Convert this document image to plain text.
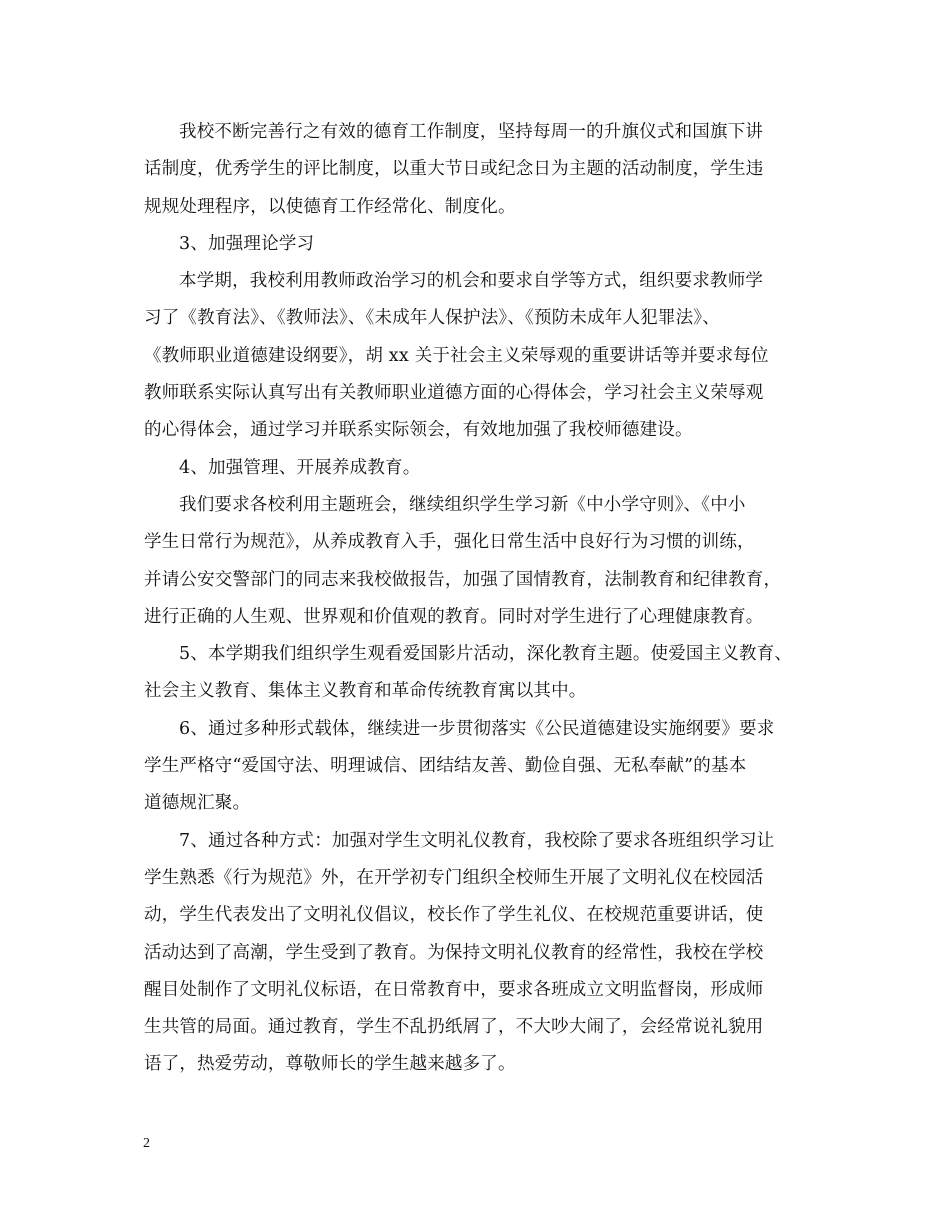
我校不断完善行之有效的德育工作制度，坚持每周一的升旗仪式和国旗下讲
话制度，优秀学生的评比制度，以重大节日或纪念日为主题的活动制度，学生违
规规处理程序，以使德育工作经常化、制度化。
3、加强理论学习
本学期，我校利用教师政治学习的机会和要求自学等方式，组织要求教师学
习了《教育法》、《教师法》、《未成年人保护法》、《预防未成年人犯罪法》、
《教师职业道德建设纲要》，胡 xx 关于社会主义荣辱观的重要讲话等并要求每位
教师联系实际认真写出有关教师职业道德方面的心得体会，学习社会主义荣辱观
的心得体会，通过学习并联系实际领会，有效地加强了我校师德建设。
4、加强管理、开展养成教育。
我们要求各校利用主题班会，继续组织学生学习新《中小学守则》、《中小
学生日常行为规范》，从养成教育入手，强化日常生活中良好行为习惯的训练，
并请公安交警部门的同志来我校做报告，加强了国情教育，法制教育和纪律教育，
进行正确的人生观、世界观和价值观的教育。同时对学生进行了心理健康教育。
5、本学期我们组织学生观看爱国影片活动，深化教育主题。使爱国主义教育、
社会主义教育、集体主义教育和革命传统教育寓以其中。
6、通过多种形式载体，继续进一步贯彻落实《公民道德建设实施纲要》要求
学生严格守“爱国守法、明理诚信、团结结友善、勤俭自强、无私奉献”的基本
道德规汇聚。
7、通过各种方式：加强对学生文明礼仪教育，我校除了要求各班组织学习让
学生熟悉《行为规范》外，在开学初专门组织全校师生开展了文明礼仪在校园活
动，学生代表发出了文明礼仪倡议，校长作了学生礼仪、在校规范重要讲话，使
活动达到了高潮，学生受到了教育。为保持文明礼仪教育的经常性，我校在学校
醒目处制作了文明礼仪标语，在日常教育中，要求各班成立文明监督岗，形成师
生共管的局面。通过教育，学生不乱扔纸屑了，不大吵大闹了，会经常说礼貌用
语了，热爱劳动，尊敬师长的学生越来越多了。
2
